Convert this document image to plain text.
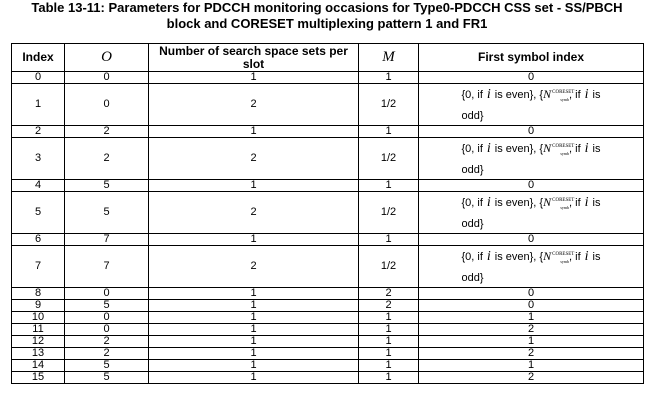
Table 13-11: Parameters for PDCCH monitoring occasions for Type0-PDCCH CSS set - SS/PBCH
block and CORESET multiplexing pattern 1 and FR1
Index	O	Number of search space sets per slot	M	First symbol index
0	0	1	1	0
1	0	2	1/2	{0, if i is even}, {$N^{CORESET}_{symb}$, if i is
odd}
2	2	1	1	0
3	2	2	1/2	{0, if i is even}, {$N^{CORESET}_{symb}$, if i is
odd}
4	5	1	1	0
5	5	2	1/2	{0, if i is even}, {$N^{CORESET}_{symb}$, if i is
odd}
6	7	1	1	0
7	7	2	1/2	{0, if i is even}, {$N^{CORESET}_{symb}$, if i is
odd}
8	0	1	2	0
9	5	1	2	0
10	0	1	1	1
11	0	1	1	2
12	2	1	1	1
13	2	1	1	2
14	5	1	1	1
15	5	1	1	2
